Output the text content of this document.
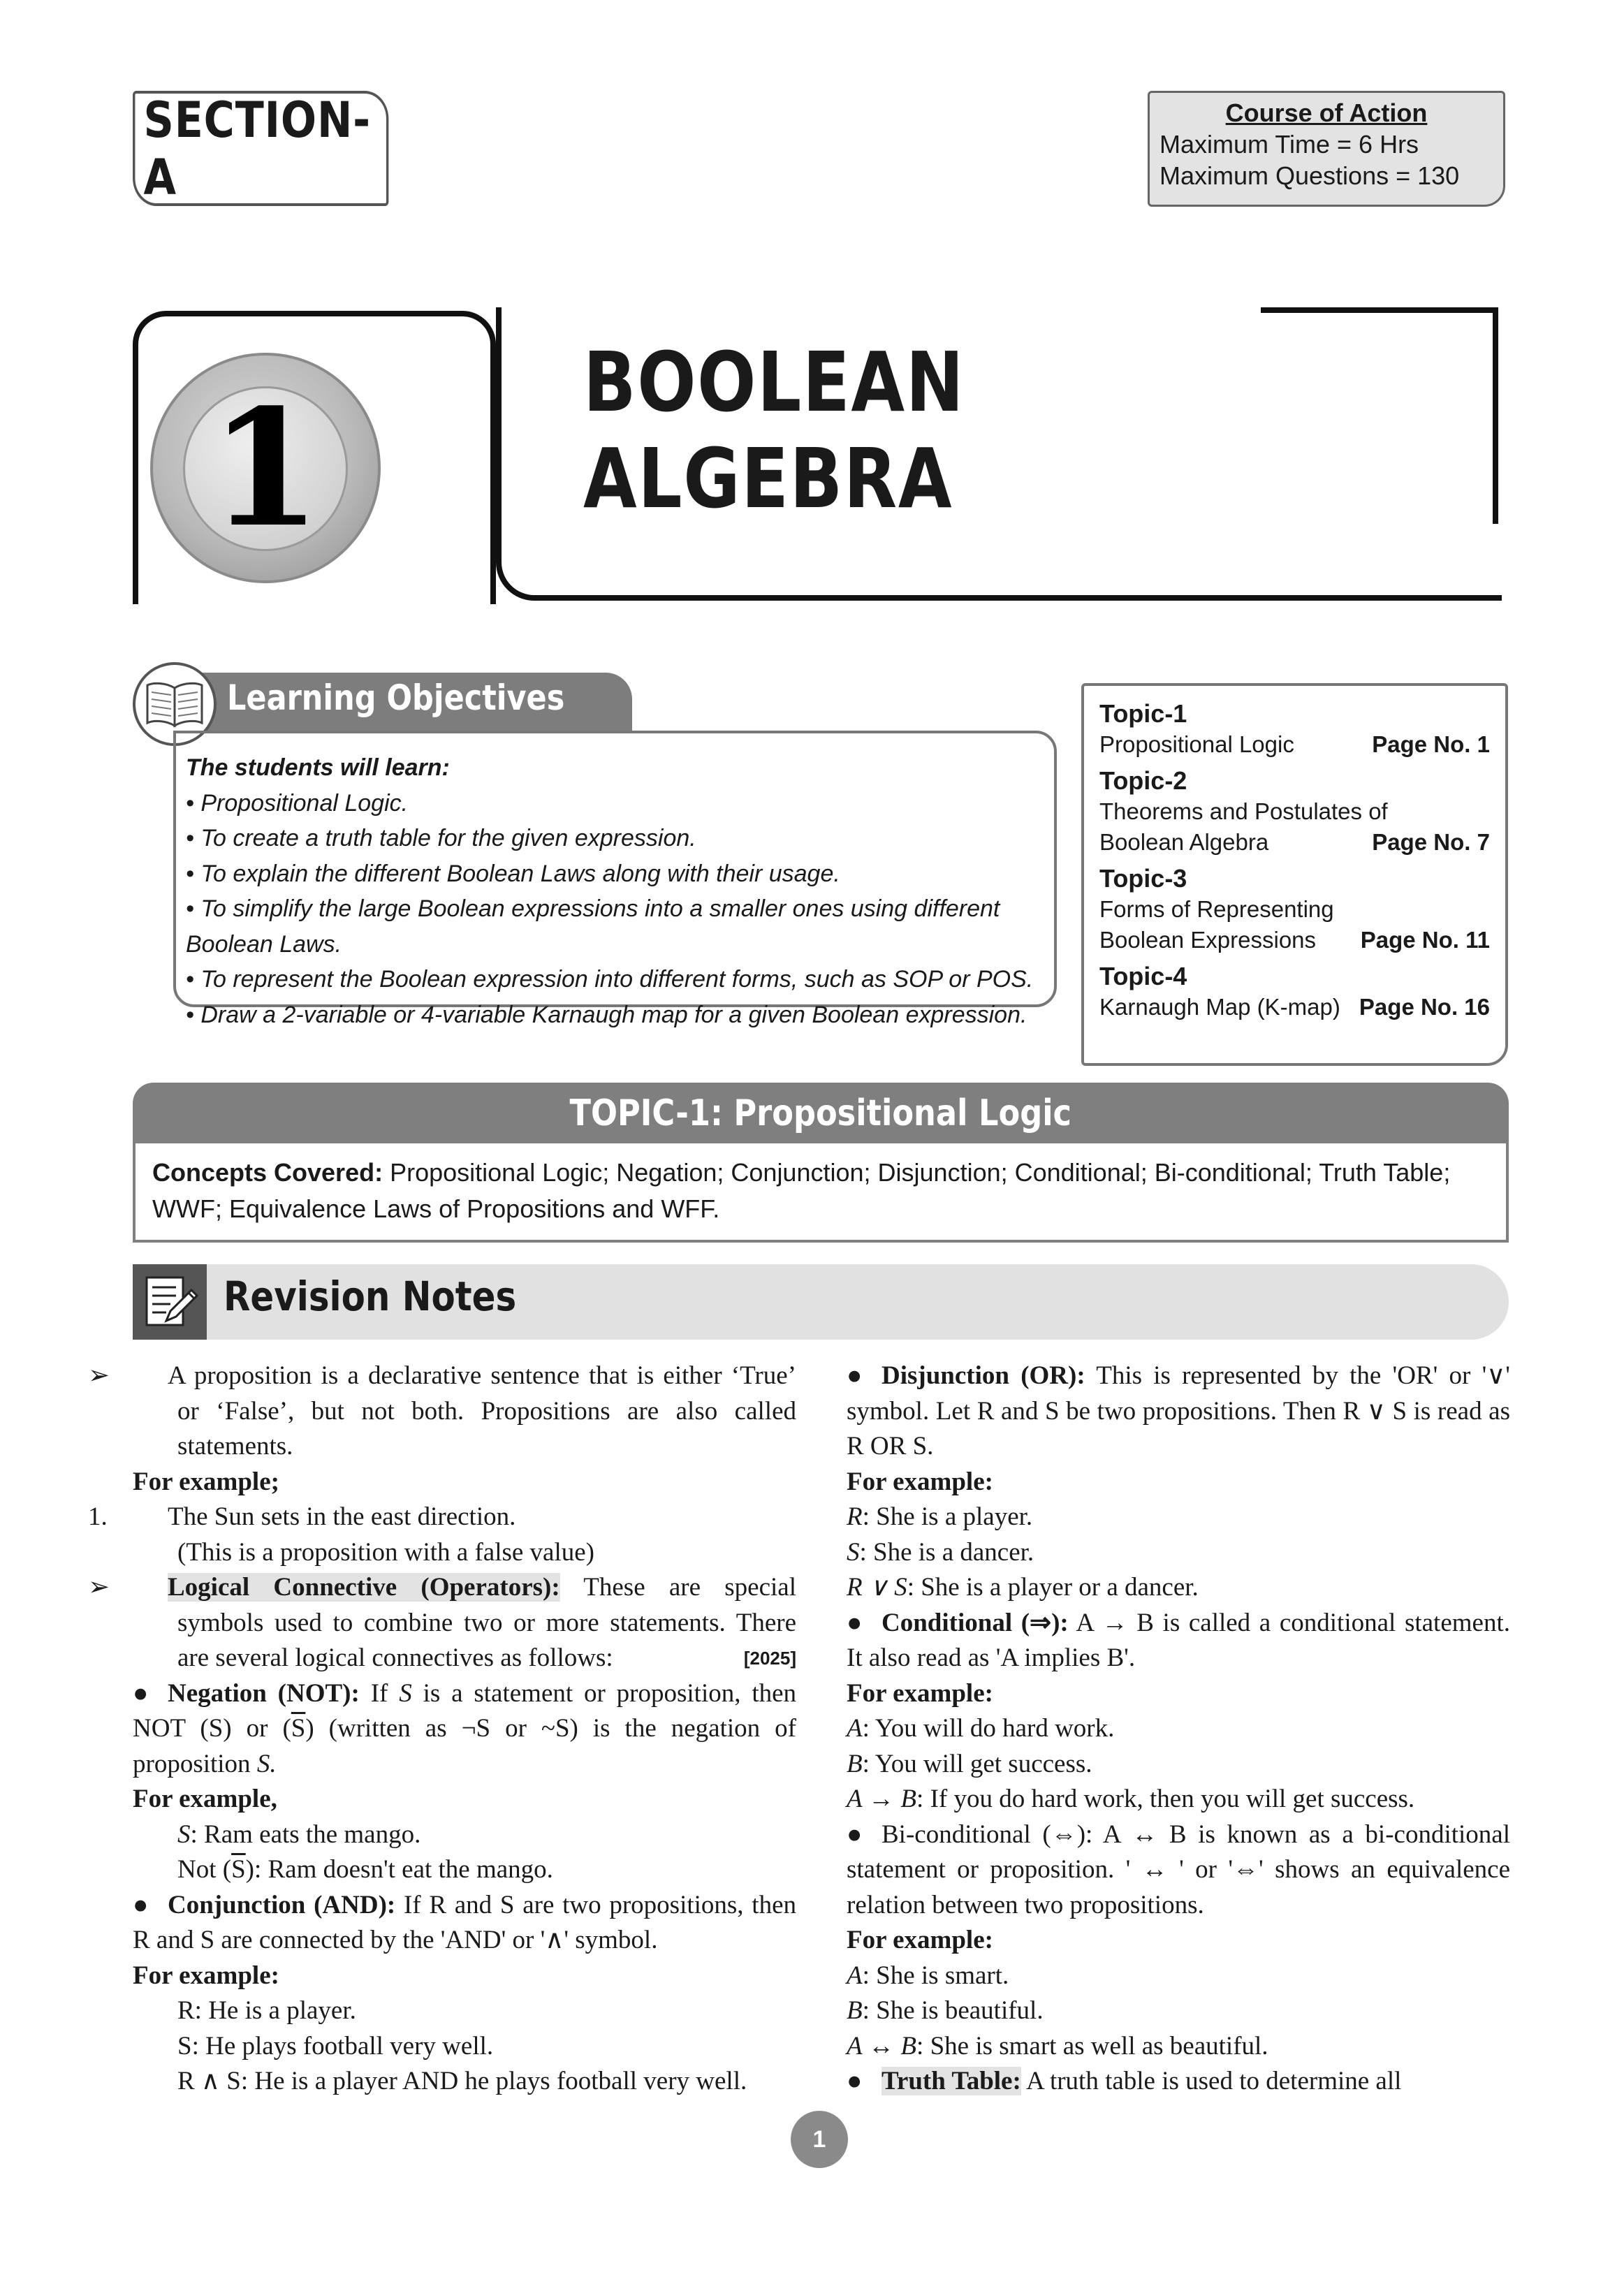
SECTION-A
Course of Action
Maximum Time = 6 Hrs
Maximum Questions = 130
1	BOOLEAN
ALGEBRA
Learning Objectives
The students will learn:
• Propositional Logic.
• To create a truth table for the given expression.
• To explain the different Boolean Laws along with their usage.
• To simplify the large Boolean expressions into a smaller ones using different Boolean Laws.
• To represent the Boolean expression into different forms, such as SOP or POS.
• Draw a 2-variable or 4-variable Karnaugh map for a given Boolean expression.
Topic-1
Propositional Logic	Page No. 1
Topic-2
Theorems and Postulates of
Boolean Algebra	Page No. 7
Topic-3
Forms of Representing
Boolean Expressions Page No. 11
Topic-4
Karnaugh Map (K-map) Page No. 16
TOPIC-1: Propositional Logic
Concepts Covered: Propositional Logic; Negation; Conjunction; Disjunction; Conditional; Bi-conditional; Truth Table; WWF; Equivalence Laws of Propositions and WFF.
Revision Notes

➢ A proposition is a declarative sentence that is either ‘True’ or ‘False’, but not both. Propositions are also called statements.

For example;

1. The Sun sets in the east direction.

(This is a proposition with a false value)

➢ Logical Connective (Operators): These are special symbols used to combine two or more statements. There are several logical connectives as follows:	[2025]

● Negation (NOT): If S is a statement or proposition, then NOT (S) or $(\overline{S})$ (written as ¬S or ~S) is the negation of proposition S.

For example,

S: Ram eats the mango.

Not $(\overline{S})$: Ram doesn't eat the mango.

● Conjunction (AND): If R and S are two propositions, then R and S are connected by the 'AND' or '∧' symbol.

For example:

R: He is a player.

S: He plays football very well.

R ∧ S: He is a player AND he plays football very well.

● Disjunction (OR): This is represented by the 'OR' or '∨' symbol. Let R and S be two propositions. Then R ∨ S is read as R OR S.

For example:

R: She is a player.

S: She is a dancer.

R ∨ S: She is a player or a dancer.

● Conditional (⇒): A → B is called a conditional statement. It also read as 'A implies B'.

For example:

A: You will do hard work.

B: You will get success.

A → B: If you do hard work, then you will get success.

● Bi-conditional (⇔): A ↔ B is known as a bi-conditional statement or proposition. ' ↔ ' or '⇔' shows an equivalence relation between two propositions.

For example:

A: She is smart.

B: She is beautiful.

A ↔ B: She is smart as well as beautiful.

● Truth Table: A truth table is used to determine all

1
